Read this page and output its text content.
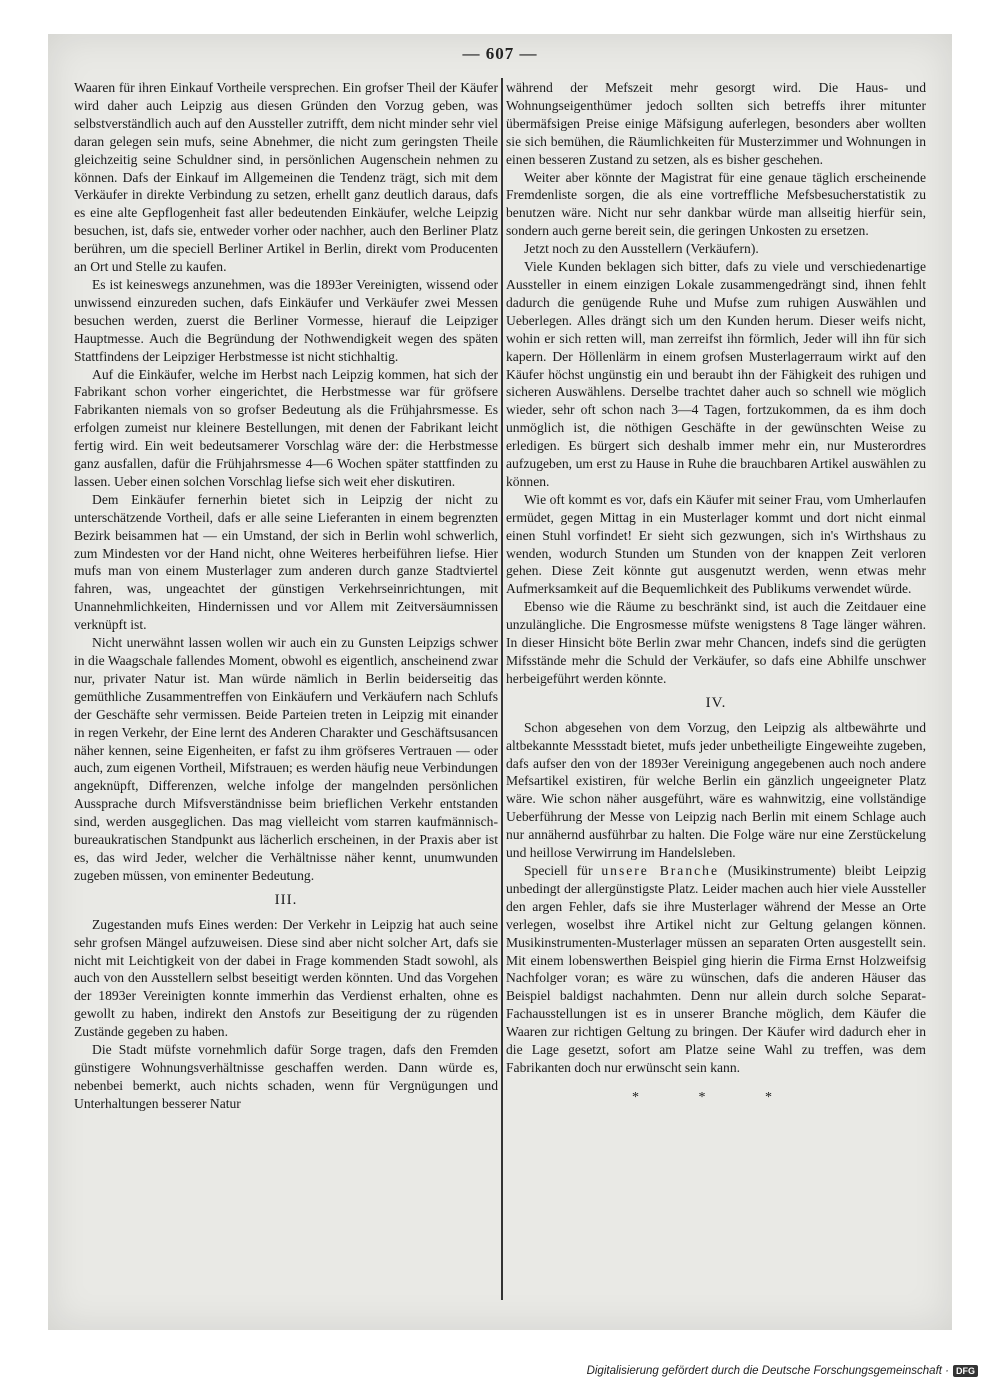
— 607 —

Waaren für ihren Einkauf Vortheile versprechen. Ein grofser Theil der Käufer wird daher auch Leipzig aus diesen Gründen den Vorzug geben, was selbstverständlich auch auf den Aussteller zutrifft, dem nicht minder sehr viel daran gelegen sein mufs, seine Abnehmer, die nicht zum geringsten Theile gleichzeitig seine Schuldner sind, in persönlichen Augenschein nehmen zu können. Dafs der Einkauf im Allgemeinen die Tendenz trägt, sich mit dem Verkäufer in direkte Verbindung zu setzen, erhellt ganz deutlich daraus, dafs es eine alte Gepflogenheit fast aller bedeutenden Einkäufer, welche Leipzig besuchen, ist, dafs sie, entweder vorher oder nachher, auch den Berliner Platz berühren, um die speciell Berliner Artikel in Berlin, direkt vom Producenten an Ort und Stelle zu kaufen.

Es ist keineswegs anzunehmen, was die 1893er Vereinigten, wissend oder unwissend einzureden suchen, dafs Einkäufer und Verkäufer zwei Messen besuchen werden, zuerst die Berliner Vormesse, hierauf die Leipziger Hauptmesse. Auch die Begründung der Nothwendigkeit wegen des späten Stattfindens der Leipziger Herbstmesse ist nicht stichhaltig.

Auf die Einkäufer, welche im Herbst nach Leipzig kommen, hat sich der Fabrikant schon vorher eingerichtet, die Herbstmesse war für gröfsere Fabrikanten niemals von so grofser Bedeutung als die Frühjahrsmesse. Es erfolgen zumeist nur kleinere Bestellungen, mit denen der Fabrikant leicht fertig wird. Ein weit bedeutsamerer Vorschlag wäre der: die Herbstmesse ganz ausfallen, dafür die Frühjahrsmesse 4—6 Wochen später stattfinden zu lassen. Ueber einen solchen Vorschlag liefse sich weit eher diskutiren.

Dem Einkäufer fernerhin bietet sich in Leipzig der nicht zu unterschätzende Vortheil, dafs er alle seine Lieferanten in einem begrenzten Bezirk beisammen hat — ein Umstand, der sich in Berlin wohl schwerlich, zum Mindesten vor der Hand nicht, ohne Weiteres herbeiführen liefse. Hier mufs man von einem Musterlager zum anderen durch ganze Stadtviertel fahren, was, ungeachtet der günstigen Verkehrseinrichtungen, mit Unannehmlichkeiten, Hindernissen und vor Allem mit Zeitversäumnissen verknüpft ist.

Nicht unerwähnt lassen wollen wir auch ein zu Gunsten Leipzigs schwer in die Waagschale fallendes Moment, obwohl es eigentlich, anscheinend zwar nur, privater Natur ist. Man würde nämlich in Berlin beiderseitig das gemüthliche Zusammentreffen von Einkäufern und Verkäufern nach Schlufs der Geschäfte sehr vermissen. Beide Parteien treten in Leipzig mit einander in regen Verkehr, der Eine lernt des Anderen Charakter und Geschäftsusancen näher kennen, seine Eigenheiten, er fafst zu ihm gröfseres Vertrauen — oder auch, zum eigenen Vortheil, Mifstrauen; es werden häufig neue Verbindungen angeknüpft, Differenzen, welche infolge der mangelnden persönlichen Aussprache durch Mifsverständnisse beim brieflichen Verkehr entstanden sind, werden ausgeglichen. Das mag vielleicht vom starren kaufmännisch-bureaukratischen Standpunkt aus lächerlich erscheinen, in der Praxis aber ist es, das wird Jeder, welcher die Verhältnisse näher kennt, unumwunden zugeben müssen, von eminenter Bedeutung.

III.

Zugestanden mufs Eines werden: Der Verkehr in Leipzig hat auch seine sehr grofsen Mängel aufzuweisen. Diese sind aber nicht solcher Art, dafs sie nicht mit Leichtigkeit von der dabei in Frage kommenden Stadt sowohl, als auch von den Ausstellern selbst beseitigt werden könnten. Und das Vorgehen der 1893er Vereinigten konnte immerhin das Verdienst erhalten, ohne es gewollt zu haben, indirekt den Anstofs zur Beseitigung der zu rügenden Zustände gegeben zu haben.

Die Stadt müfste vornehmlich dafür Sorge tragen, dafs den Fremden günstigere Wohnungsverhältnisse geschaffen werden. Dann würde es, nebenbei bemerkt, auch nichts schaden, wenn für Vergnügungen und Unterhaltungen besserer Natur

während der Mefszeit mehr gesorgt wird. Die Haus- und Wohnungseigenthümer jedoch sollten sich betreffs ihrer mitunter übermäfsigen Preise einige Mäfsigung auferlegen, besonders aber wollten sie sich bemühen, die Räumlichkeiten für Musterzimmer und Wohnungen in einen besseren Zustand zu setzen, als es bisher geschehen.

Weiter aber könnte der Magistrat für eine genaue täglich erscheinende Fremdenliste sorgen, die als eine vortreffliche Mefsbesucherstatistik zu benutzen wäre. Nicht nur sehr dankbar würde man allseitig hierfür sein, sondern auch gerne bereit sein, die geringen Unkosten zu ersetzen.

Jetzt noch zu den Ausstellern (Verkäufern).

Viele Kunden beklagen sich bitter, dafs zu viele und verschiedenartige Aussteller in einem einzigen Lokale zusammengedrängt sind, ihnen fehlt dadurch die genügende Ruhe und Mufse zum ruhigen Auswählen und Ueberlegen. Alles drängt sich um den Kunden herum. Dieser weifs nicht, wohin er sich retten will, man zerreifst ihn förmlich, Jeder will ihn für sich kapern. Der Höllenlärm in einem grofsen Musterlagerraum wirkt auf den Käufer höchst ungünstig ein und beraubt ihn der Fähigkeit des ruhigen und sicheren Auswählens. Derselbe trachtet daher auch so schnell wie möglich wieder, sehr oft schon nach 3—4 Tagen, fortzukommen, da es ihm doch unmöglich ist, die nöthigen Geschäfte in der gewünschten Weise zu erledigen. Es bürgert sich deshalb immer mehr ein, nur Musterordres aufzugeben, um erst zu Hause in Ruhe die brauchbaren Artikel auswählen zu können.

Wie oft kommt es vor, dafs ein Käufer mit seiner Frau, vom Umherlaufen ermüdet, gegen Mittag in ein Musterlager kommt und dort nicht einmal einen Stuhl vorfindet! Er sieht sich gezwungen, sich in's Wirthshaus zu wenden, wodurch Stunden um Stunden von der knappen Zeit verloren gehen. Diese Zeit könnte gut ausgenutzt werden, wenn etwas mehr Aufmerksamkeit auf die Bequemlichkeit des Publikums verwendet würde.

Ebenso wie die Räume zu beschränkt sind, ist auch die Zeitdauer eine unzulängliche. Die Engrosmesse müfste wenigstens 8 Tage länger währen. In dieser Hinsicht böte Berlin zwar mehr Chancen, indefs sind die gerügten Mifsstände mehr die Schuld der Verkäufer, so dafs eine Abhilfe unschwer herbeigeführt werden könnte.

IV.

Schon abgesehen von dem Vorzug, den Leipzig als altbewährte und altbekannte Messstadt bietet, mufs jeder unbetheiligte Eingeweihte zugeben, dafs aufser den von der 1893er Vereinigung angegebenen auch noch andere Mefsartikel existiren, für welche Berlin ein gänzlich ungeeigneter Platz wäre. Wie schon näher ausgeführt, wäre es wahnwitzig, eine vollständige Ueberführung der Messe von Leipzig nach Berlin mit einem Schlage auch nur annähernd ausführbar zu halten. Die Folge wäre nur eine Zerstückelung und heillose Verwirrung im Handelsleben.

Speciell für unsere Branche (Musikinstrumente) bleibt Leipzig unbedingt der allergünstigste Platz. Leider machen auch hier viele Aussteller den argen Fehler, dafs sie ihre Musterlager während der Messe an Orte verlegen, woselbst ihre Artikel nicht zur Geltung gelangen können. Musikinstrumenten-Musterlager müssen an separaten Orten ausgestellt sein. Mit einem lobenswerthen Beispiel ging hierin die Firma Ernst Holzweifsig Nachfolger voran; es wäre zu wünschen, dafs die anderen Häuser das Beispiel baldigst nachahmten. Denn nur allein durch solche Separat-Fachausstellungen ist es in unserer Branche möglich, dem Käufer die Waaren zur richtigen Geltung zu bringen. Der Käufer wird dadurch eher in die Lage gesetzt, sofort am Platze seine Wahl zu treffen, was dem Fabrikanten doch nur erwünscht sein kann.

* * *
Digitalisierung gefördert durch die Deutsche Forschungsgemeinschaft · DFG
